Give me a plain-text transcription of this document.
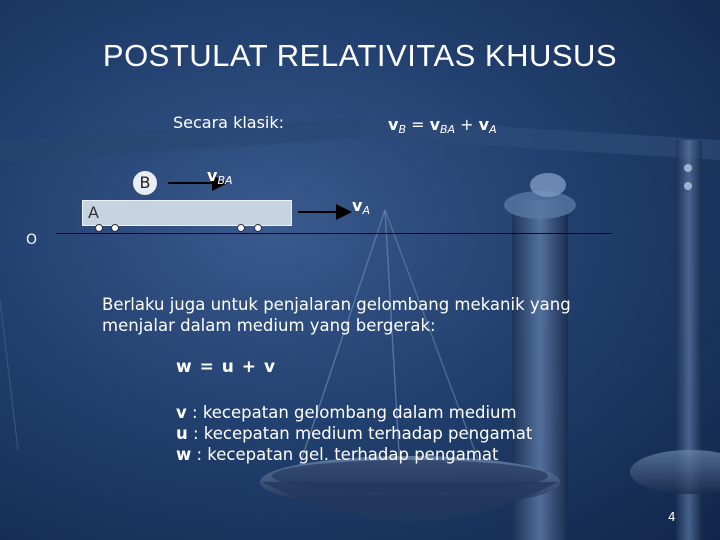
POSTULAT RELATIVITAS KHUSUS
Secara klasik:	vB = vBA + vA
B	vBA
A	vA
O
Berlaku juga untuk penjalaran gelombang mekanik yang
menjalar dalam medium yang bergerak:
w = u + v
v : kecepatan gelombang dalam medium
u : kecepatan medium terhadap pengamat
w : kecepatan gel. terhadap pengamat
4
